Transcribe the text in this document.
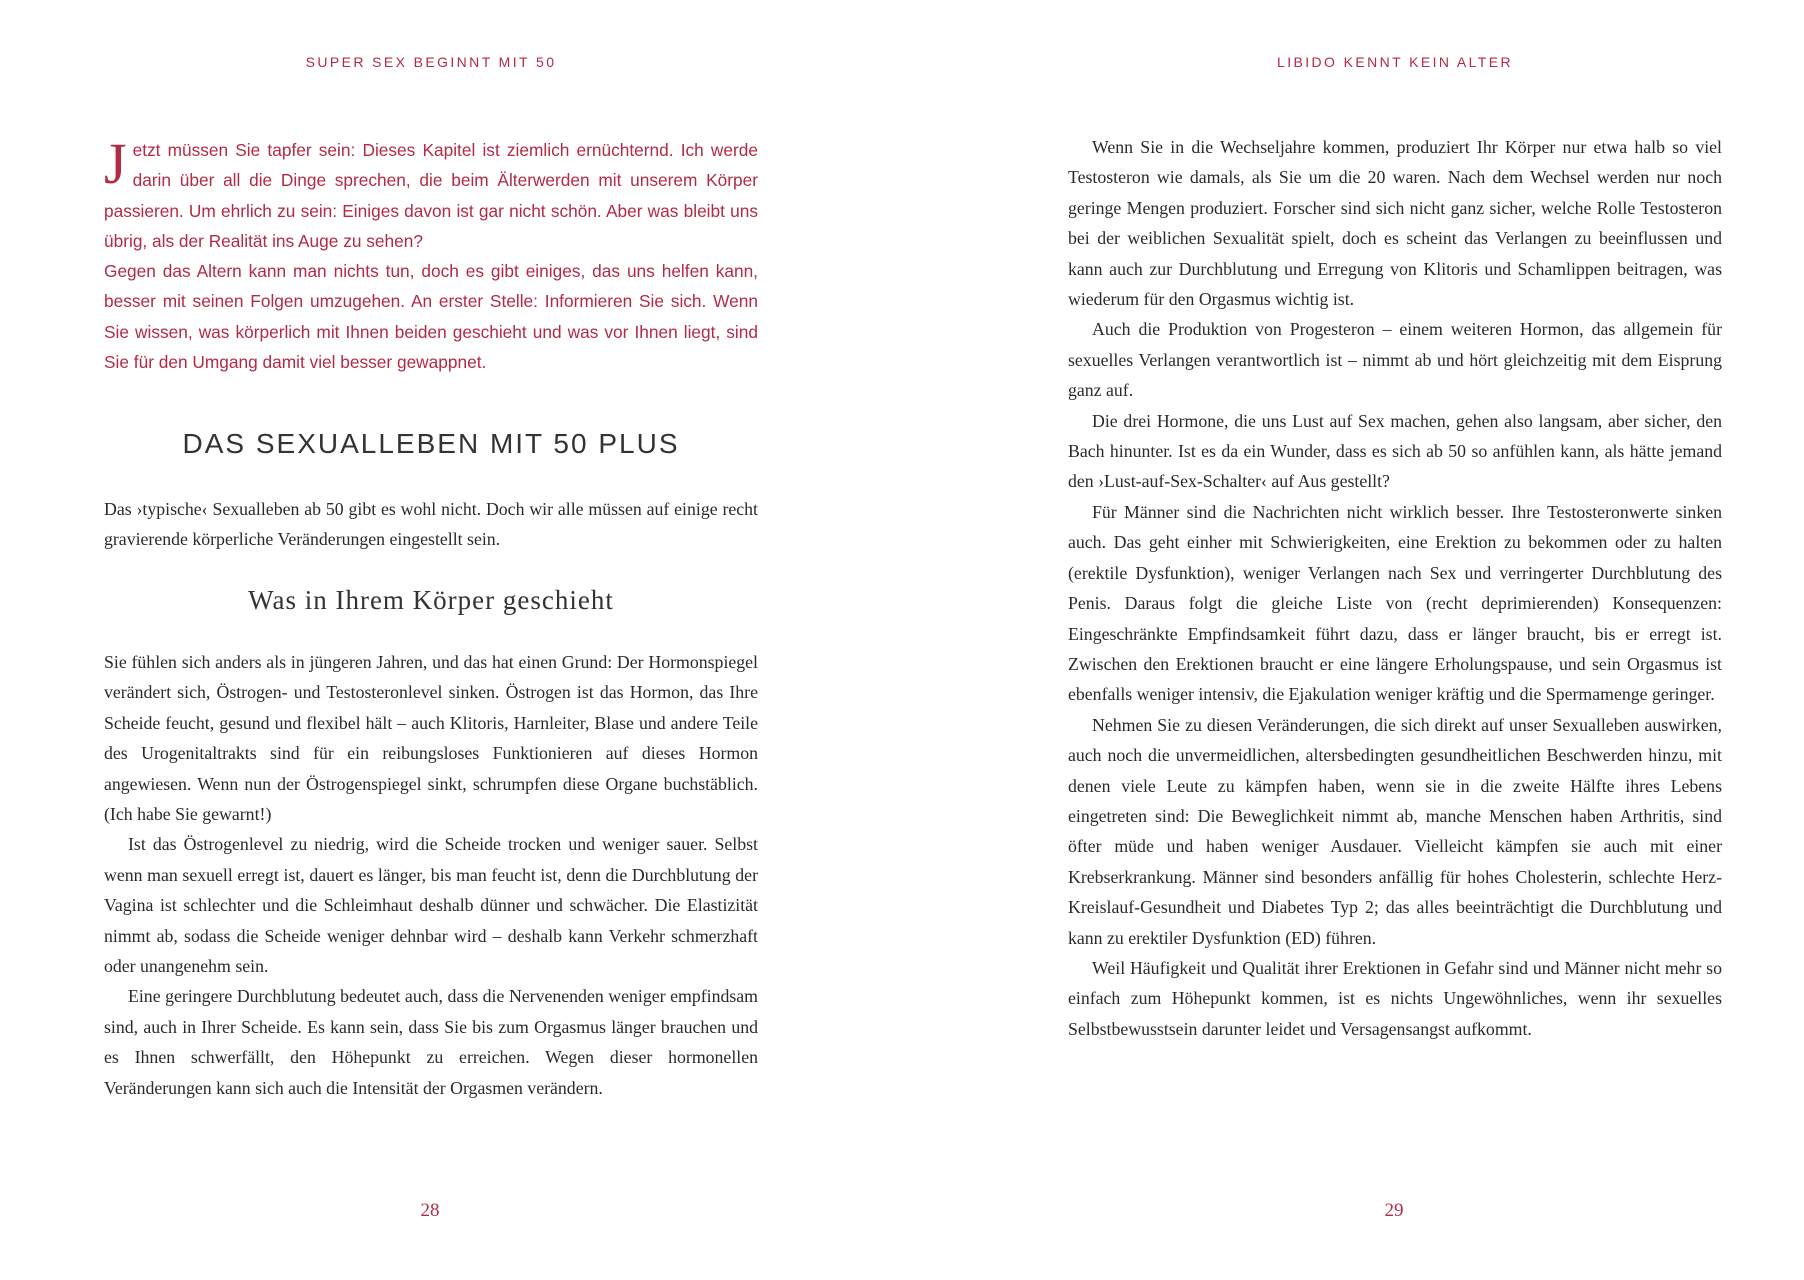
SUPER SEX BEGINNT MIT 50

Jetzt müssen Sie tapfer sein: Dieses Kapitel ist ziemlich ernüchternd. Ich werde darin über all die Dinge sprechen, die beim Älterwerden mit unserem Körper passieren. Um ehrlich zu sein: Einiges davon ist gar nicht schön. Aber was bleibt uns übrig, als der Realität ins Auge zu sehen?

Gegen das Altern kann man nichts tun, doch es gibt einiges, das uns helfen kann, besser mit seinen Folgen umzugehen. An erster Stelle: Informieren Sie sich. Wenn Sie wissen, was körperlich mit Ihnen beiden geschieht und was vor Ihnen liegt, sind Sie für den Umgang damit viel besser gewappnet.

DAS SEXUALLEBEN MIT 50 PLUS

Das ›typische‹ Sexualleben ab 50 gibt es wohl nicht. Doch wir alle müssen auf einige recht gravierende körperliche Veränderungen eingestellt sein.

Was in Ihrem Körper geschieht

Sie fühlen sich anders als in jüngeren Jahren, und das hat einen Grund: Der Hormonspiegel verändert sich, Östrogen- und Testosteronlevel sinken. Östrogen ist das Hormon, das Ihre Scheide feucht, gesund und flexibel hält – auch Klitoris, Harnleiter, Blase und andere Teile des Urogenitaltrakts sind für ein reibungsloses Funktionieren auf dieses Hormon angewiesen. Wenn nun der Östrogenspiegel sinkt, schrumpfen diese Organe buchstäblich. (Ich habe Sie gewarnt!)

Ist das Östrogenlevel zu niedrig, wird die Scheide trocken und weniger sauer. Selbst wenn man sexuell erregt ist, dauert es länger, bis man feucht ist, denn die Durchblutung der Vagina ist schlechter und die Schleimhaut deshalb dünner und schwächer. Die Elastizität nimmt ab, sodass die Scheide weniger dehnbar wird – deshalb kann Verkehr schmerzhaft oder unangenehm sein.

Eine geringere Durchblutung bedeutet auch, dass die Nervenenden weniger empfindsam sind, auch in Ihrer Scheide. Es kann sein, dass Sie bis zum Orgasmus länger brauchen und es Ihnen schwerfällt, den Höhepunkt zu erreichen. Wegen dieser hormonellen Veränderungen kann sich auch die Intensität der Orgasmen verändern.

28
LIBIDO KENNT KEIN ALTER

Wenn Sie in die Wechseljahre kommen, produziert Ihr Körper nur etwa halb so viel Testosteron wie damals, als Sie um die 20 waren. Nach dem Wechsel werden nur noch geringe Mengen produziert. Forscher sind sich nicht ganz sicher, welche Rolle Testosteron bei der weiblichen Sexualität spielt, doch es scheint das Verlangen zu beeinflussen und kann auch zur Durchblutung und Erregung von Klitoris und Schamlippen beitragen, was wiederum für den Orgasmus wichtig ist.

Auch die Produktion von Progesteron – einem weiteren Hormon, das allgemein für sexuelles Verlangen verantwortlich ist – nimmt ab und hört gleichzeitig mit dem Eisprung ganz auf.

Die drei Hormone, die uns Lust auf Sex machen, gehen also langsam, aber sicher, den Bach hinunter. Ist es da ein Wunder, dass es sich ab 50 so anfühlen kann, als hätte jemand den ›Lust-auf-Sex-Schalter‹ auf Aus gestellt?

Für Männer sind die Nachrichten nicht wirklich besser. Ihre Testosteronwerte sinken auch. Das geht einher mit Schwierigkeiten, eine Erektion zu bekommen oder zu halten (erektile Dysfunktion), weniger Verlangen nach Sex und verringerter Durchblutung des Penis. Daraus folgt die gleiche Liste von (recht deprimierenden) Konsequenzen: Eingeschränkte Empfindsamkeit führt dazu, dass er länger braucht, bis er erregt ist. Zwischen den Erektionen braucht er eine längere Erholungspause, und sein Orgasmus ist ebenfalls weniger intensiv, die Ejakulation weniger kräftig und die Spermamenge geringer.

Nehmen Sie zu diesen Veränderungen, die sich direkt auf unser Sexualleben auswirken, auch noch die unvermeidlichen, altersbedingten gesundheitlichen Beschwerden hinzu, mit denen viele Leute zu kämpfen haben, wenn sie in die zweite Hälfte ihres Lebens eingetreten sind: Die Beweglichkeit nimmt ab, manche Menschen haben Arthritis, sind öfter müde und haben weniger Ausdauer. Vielleicht kämpfen sie auch mit einer Krebserkrankung. Männer sind besonders anfällig für hohes Cholesterin, schlechte Herz-Kreislauf-Gesundheit und Diabetes Typ 2; das alles beeinträchtigt die Durchblutung und kann zu erektiler Dysfunktion (ED) führen.

Weil Häufigkeit und Qualität ihrer Erektionen in Gefahr sind und Männer nicht mehr so einfach zum Höhepunkt kommen, ist es nichts Ungewöhnliches, wenn ihr sexuelles Selbstbewusstsein darunter leidet und Versagensangst aufkommt.

29
